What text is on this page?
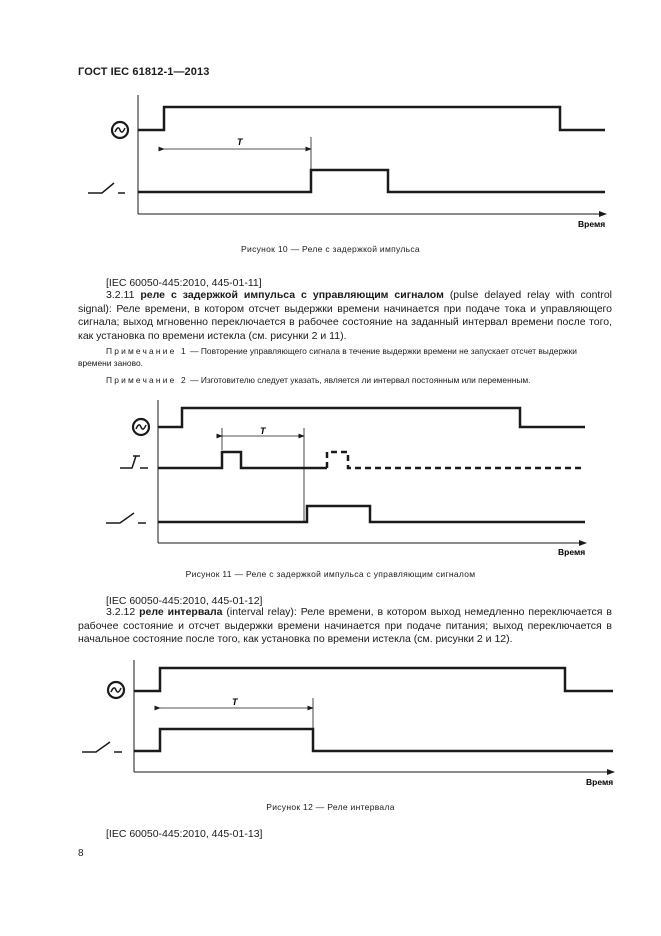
ГОСТ IEC 61812-1—2013
T
Время
Рисунок 10 — Реле с задержкой импульса
[IEC 60050-445:2010, 445-01-11]
3.2.11 реле с задержкой импульса с управляющим сигналом (pulse delayed relay with control signal): Реле времени, в котором отсчет выдержки времени начинается при подаче тока и управляющего сигнала; выход мгновенно переключается в рабочее состояние на заданный интервал времени после того, как установка по времени истекла (см. рисунки 2 и 11).
Примечание 1 — Повторение управляющего сигнала в течение выдержки времени не запускает отсчет выдержки времени заново.
Примечание 2 — Изготовителю следует указать, является ли интервал постоянным или переменным.
T
Время
Рисунок 11 — Реле с задержкой импульса с управляющим сигналом
[IEC 60050-445:2010, 445-01-12]
3.2.12 реле интервала (interval relay): Реле времени, в котором выход немедленно переключается в рабочее состояние и отсчет выдержки времени начинается при подаче питания; выход переключается в начальное состояние после того, как установка по времени истекла (см. рисунки 2 и 12).
T
Время
Рисунок 12 — Реле интервала
[IEC 60050-445:2010, 445-01-13]
8
